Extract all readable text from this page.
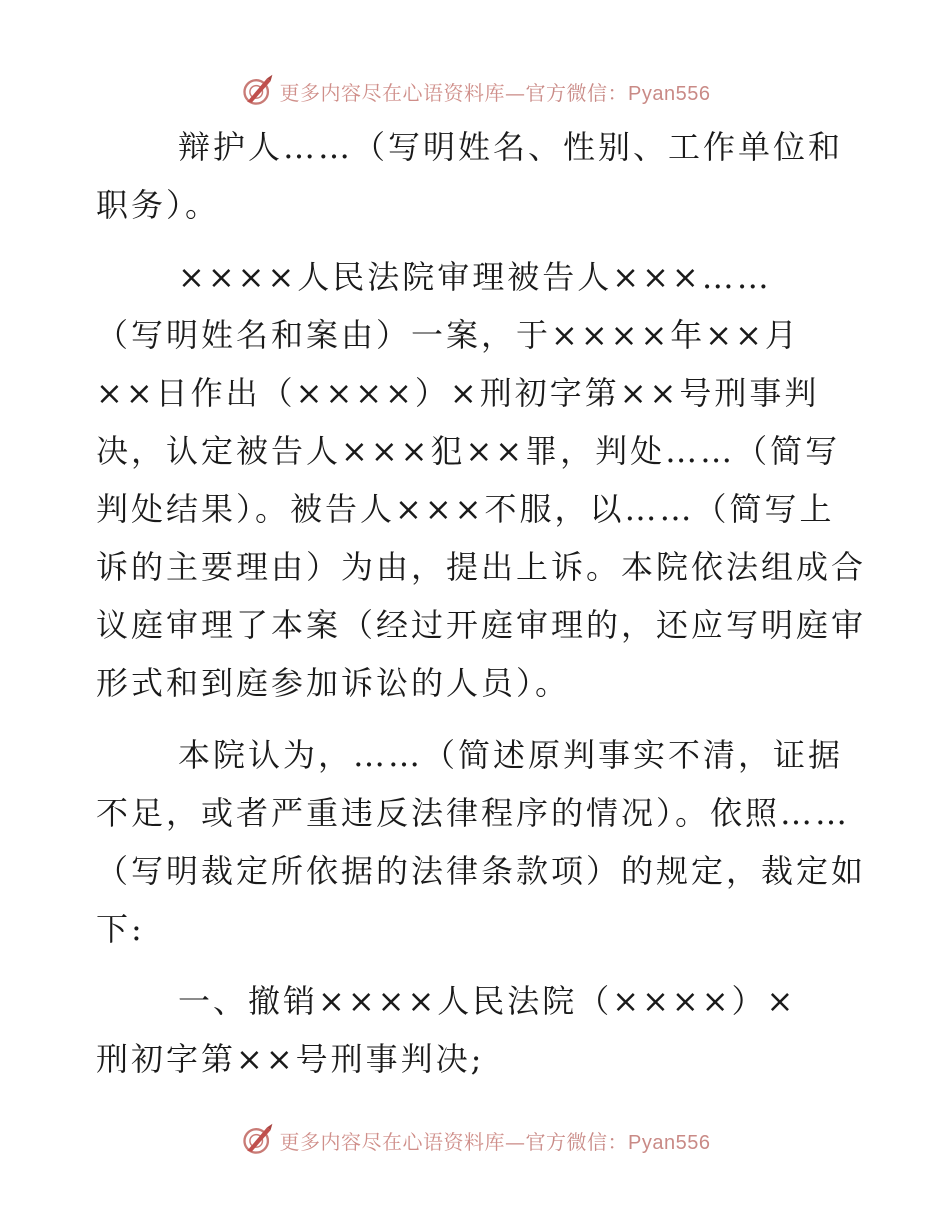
更多内容尽在心语资料库—官方微信：Pyan556

辩护人……（写明姓名、性别、工作单位和
职务）。

××××人民法院审理被告人×××……
（写明姓名和案由）一案，于××××年××月
××日作出（××××）×刑初字第××号刑事判
决，认定被告人×××犯××罪，判处……（简写
判处结果）。被告人×××不服，以……（简写上
诉的主要理由）为由，提出上诉。本院依法组成合
议庭审理了本案（经过开庭审理的，还应写明庭审
形式和到庭参加诉讼的人员）。

本院认为，……（简述原判事实不清，证据
不足，或者严重违反法律程序的情况）。依照……
（写明裁定所依据的法律条款项）的规定，裁定如
下:

一、撤销××××人民法院（××××）×
刑初字第××号刑事判决;

更多内容尽在心语资料库—官方微信：Pyan556
